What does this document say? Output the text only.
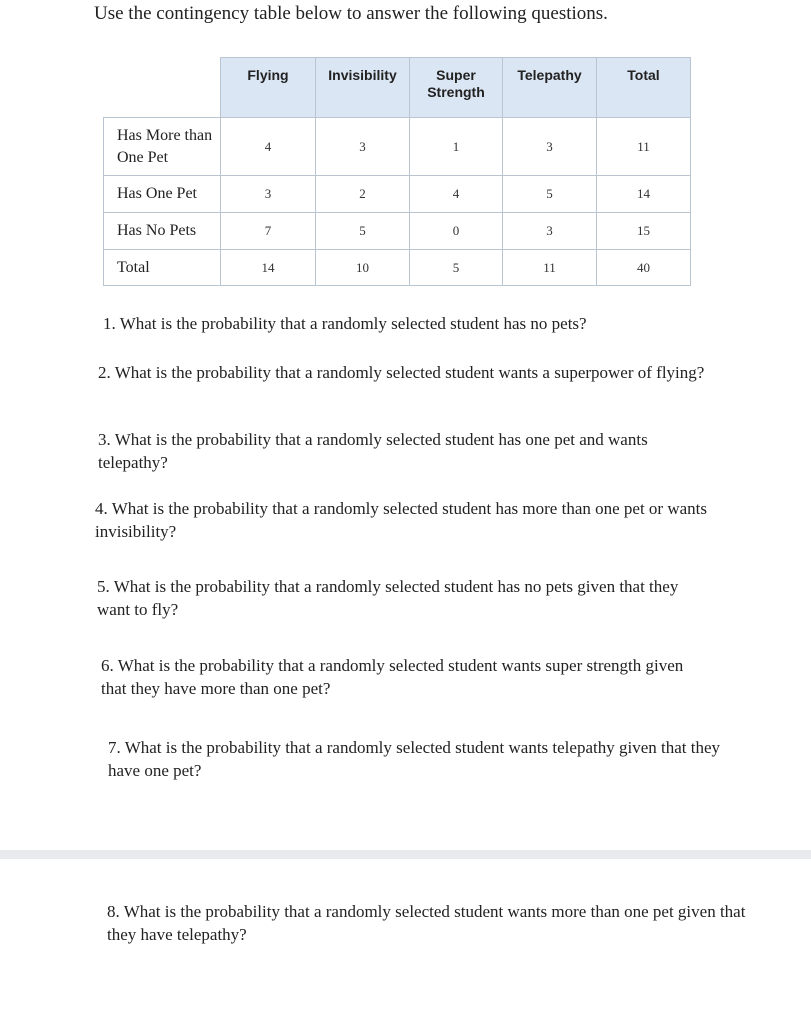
Use the contingency table below to answer the following questions.
	Flying	Invisibility	Super Strength	Telepathy	Total
Has More than One Pet	4	3	1	3	11
Has One Pet	3	2	4	5	14
Has No Pets	7	5	0	3	15
Total	14	10	5	11	40
1. What is the probability that a randomly selected student has no pets?
2. What is the probability that a randomly selected student wants a superpower of flying?
3. What is the probability that a randomly selected student has one pet and wants telepathy?
4. What is the probability that a randomly selected student has more than one pet or wants invisibility?
5. What is the probability that a randomly selected student has no pets given that they want to fly?
6. What is the probability that a randomly selected student wants super strength given that they have more than one pet?
7. What is the probability that a randomly selected student wants telepathy given that they have one pet?
8. What is the probability that a randomly selected student wants more than one pet given that they have telepathy?
